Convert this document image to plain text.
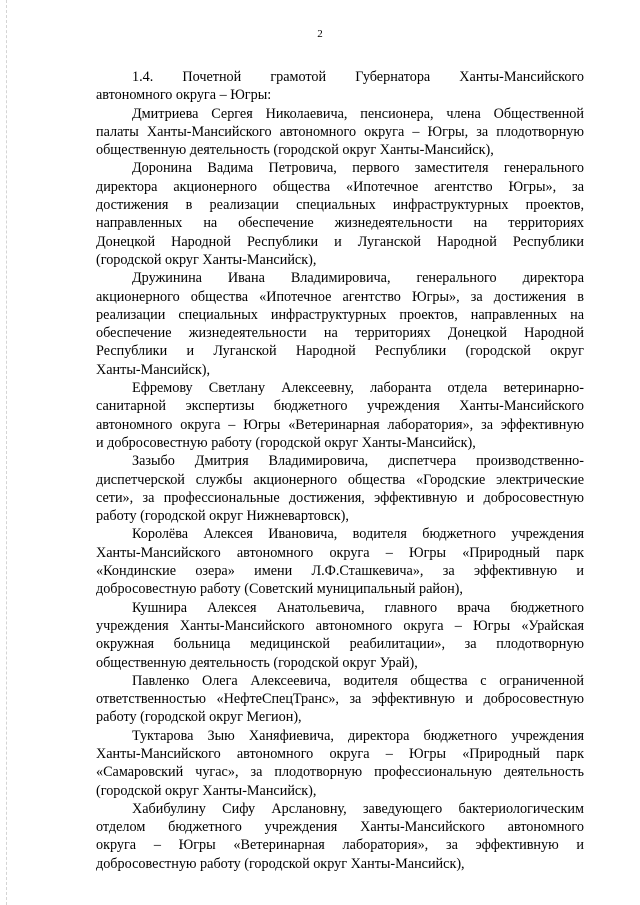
2
1.4. Почетной грамотой Губернатора Ханты-Мансийского
автономного округа – Югры:
Дмитриева Сергея Николаевича, пенсионера, члена Общественной
палаты Ханты-Мансийского автономного округа – Югры, за плодотворную
общественную деятельность (городской округ Ханты-Мансийск),
Доронина Вадима Петровича, первого заместителя генерального
директора акционерного общества «Ипотечное агентство Югры», за
достижения в реализации специальных инфраструктурных проектов,
направленных на обеспечение жизнедеятельности на территориях
Донецкой Народной Республики и Луганской Народной Республики
(городской округ Ханты-Мансийск),
Дружинина Ивана Владимировича, генерального директора
акционерного общества «Ипотечное агентство Югры», за достижения в
реализации специальных инфраструктурных проектов, направленных на
обеспечение жизнедеятельности на территориях Донецкой Народной
Республики и Луганской Народной Республики (городской округ
Ханты-Мансийск),
Ефремову Светлану Алексеевну, лаборанта отдела ветеринарно-
санитарной экспертизы бюджетного учреждения Ханты-Мансийского
автономного округа – Югры «Ветеринарная лаборатория», за эффективную
и добросовестную работу (городской округ Ханты-Мансийск),
Зазыбо Дмитрия Владимировича, диспетчера производственно-
диспетчерской службы акционерного общества «Городские электрические
сети», за профессиональные достижения, эффективную и добросовестную
работу (городской округ Нижневартовск),
Королёва Алексея Ивановича, водителя бюджетного учреждения
Ханты-Мансийского автономного округа – Югры «Природный парк
«Кондинские озера» имени Л.Ф.Сташкевича», за эффективную и
добросовестную работу (Советский муниципальный район),
Кушнира Алексея Анатольевича, главного врача бюджетного
учреждения Ханты-Мансийского автономного округа – Югры «Урайская
окружная больница медицинской реабилитации», за плодотворную
общественную деятельность (городской округ Урай),
Павленко Олега Алексеевича, водителя общества с ограниченной
ответственностью «НефтеСпецТранс», за эффективную и добросовестную
работу (городской округ Мегион),
Туктарова Зыю Ханяфиевича, директора бюджетного учреждения
Ханты-Мансийского автономного округа – Югры «Природный парк
«Самаровский чугас», за плодотворную профессиональную деятельность
(городской округ Ханты-Мансийск),
Хабибулину Сифу Арслановну, заведующего бактериологическим
отделом бюджетного учреждения Ханты-Мансийского автономного
округа – Югры «Ветеринарная лаборатория», за эффективную и
добросовестную работу (городской округ Ханты-Мансийск),
